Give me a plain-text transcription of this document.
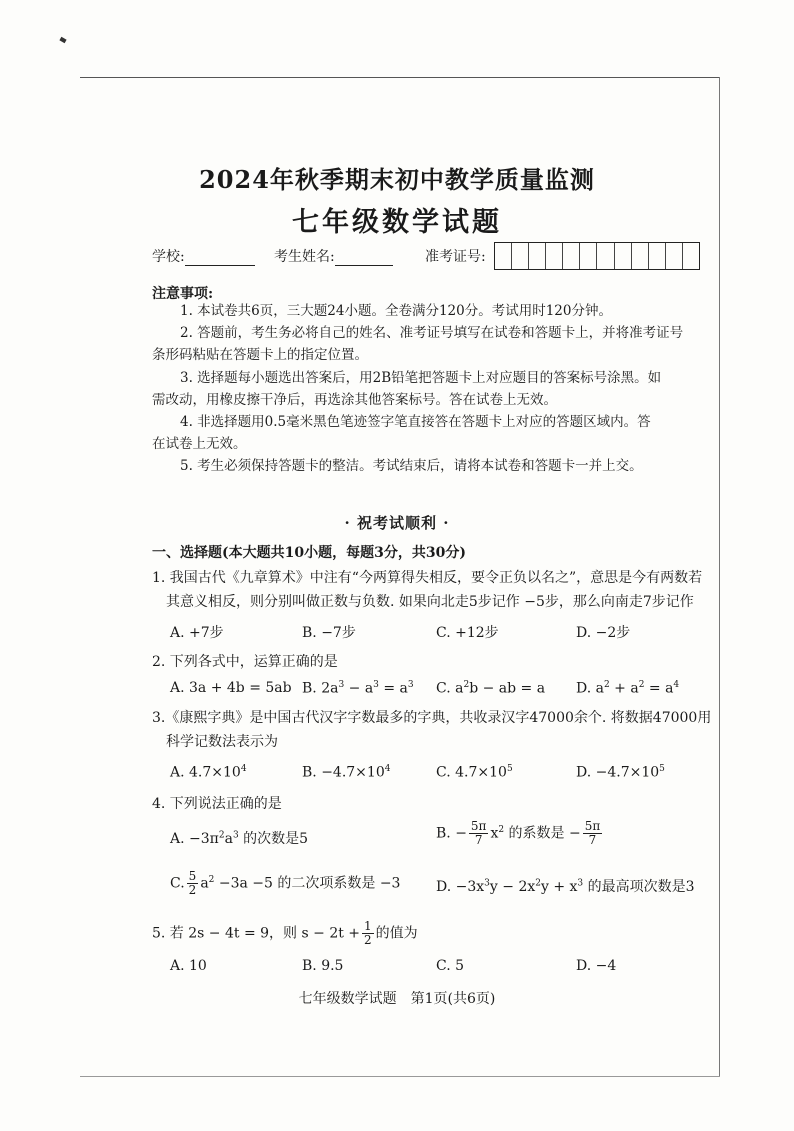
2024年秋季期末初中教学质量监测
七年级数学试题
学校:	考生姓名:	准考证号:
注意事项:
1. 本试卷共6页，三大题24小题。全卷满分120分。考试用时120分钟。
2. 答题前，考生务必将自己的姓名、准考证号填写在试卷和答题卡上，并将准考证号
条形码粘贴在答题卡上的指定位置。
3. 选择题每小题选出答案后，用2B铅笔把答题卡上对应题目的答案标号涂黑。如
需改动，用橡皮擦干净后，再选涂其他答案标号。答在试卷上无效。
4. 非选择题用0.5毫米黑色笔迹签字笔直接答在答题卡上对应的答题区域内。答
在试卷上无效。
5. 考生必须保持答题卡的整洁。考试结束后，请将本试卷和答题卡一并上交。
· 祝考试顺利 ·
一、选择题(本大题共10小题，每题3分，共30分)
1. 我国古代《九章算术》中注有“今两算得失相反，要令正负以名之”，意思是今有两数若
其意义相反，则分别叫做正数与负数. 如果向北走5步记作 −5步，那么向南走7步记作
A. +7步	B. −7步	C. +12步	D. −2步
2. 下列各式中，运算正确的是
A. 3a + 4b = 5ab B. $2a^3 - a^3 = a^3$ C. $a^2b$ − ab = a D. $a^2 + a^2 = a^4$
3.《康熙字典》是中国古代汉字字数最多的字典，共收录汉字47000余个. 将数据47000用
科学记数法表示为
A. $4.7\times 10^4$	B. $-4.7\times 10^4$	C. $4.7\times 10^5$	D. $-4.7\times 10^5$
4. 下列说法正确的是
A. $-3\pi^2a^3$ 的次数是5	B. − $\frac{5\pi}{7} x^2$ 的系数是 − $\frac{5\pi}{7}$
C. $\frac{5}{2} a^2 -3a -5$ 的二次项系数是 −3	D. $-3x^3y - 2x^2y + x^3$ 的最高项次数是3
5. 若 2s − 4t = 9，则 $s - 2t + \frac{1}{2}$ 的值为
A. 10	B. 9.5	C. 5	D. −4
七年级数学试题　第1页(共6页)
